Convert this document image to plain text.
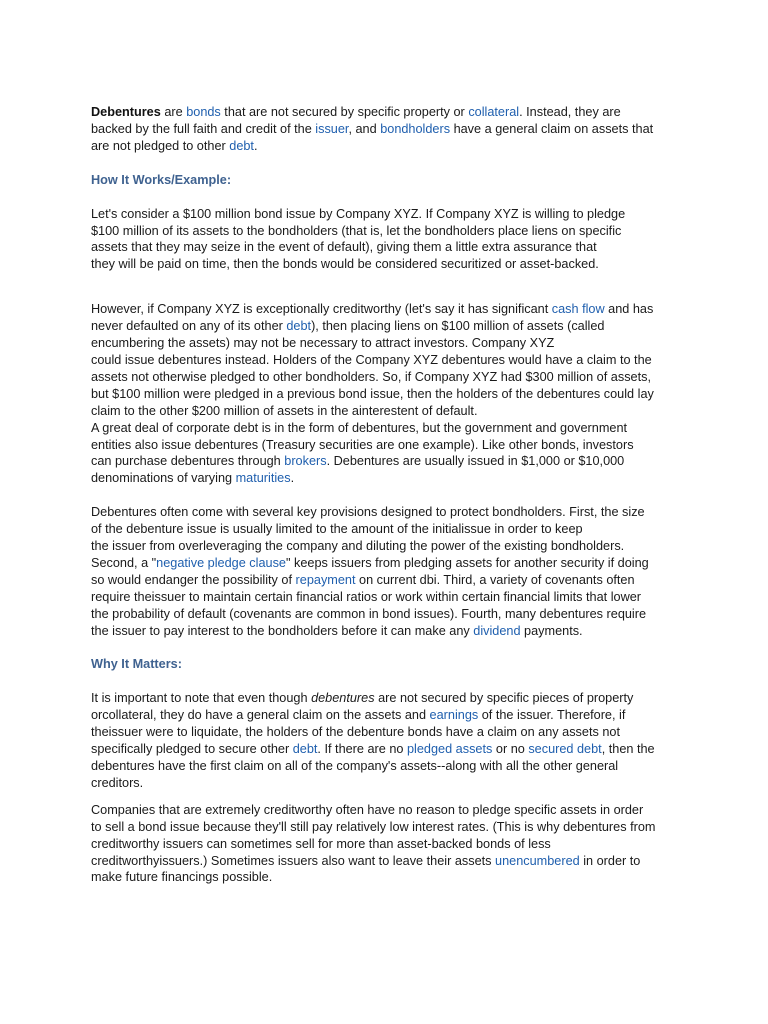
Debentures are bonds that are not secured by specific property or collateral. Instead, they are
backed by the full faith and credit of the issuer, and bondholders have a general claim on assets that
are not pledged to other debt.

How It Works/Example:

Let's consider a $100 million bond issue by Company XYZ. If Company XYZ is willing to pledge
$100 million of its assets to the bondholders (that is, let the bondholders place liens on specific
assets that they may seize in the event of default), giving them a little extra assurance that
they will be paid on time, then the bonds would be considered securitized or asset-backed.

However, if Company XYZ is exceptionally creditworthy (let's say it has significant cash flow and has
never defaulted on any of its other debt), then placing liens on $100 million of assets (called
encumbering the assets) may not be necessary to attract investors. Company XYZ
could issue debentures instead. Holders of the Company XYZ debentures would have a claim to the
assets not otherwise pledged to other bondholders. So, if Company XYZ had $300 million of assets,
but $100 million were pledged in a previous bond issue, then the holders of the debentures could lay
claim to the other $200 million of assets in the ainterestent of default.
A great deal of corporate debt is in the form of debentures, but the government and government
entities also issue debentures (Treasury securities are one example). Like other bonds, investors
can purchase debentures through brokers. Debentures are usually issued in $1,000 or $10,000
denominations of varying maturities.

Debentures often come with several key provisions designed to protect bondholders. First, the size
of the debenture issue is usually limited to the amount of the initialissue in order to keep
the issuer from overleveraging the company and diluting the power of the existing bondholders.
Second, a "negative pledge clause" keeps issuers from pledging assets for another security if doing
so would endanger the possibility of repayment on current dbi. Third, a variety of covenants often
require theissuer to maintain certain financial ratios or work within certain financial limits that lower
the probability of default (covenants are common in bond issues). Fourth, many debentures require
the issuer to pay interest to the bondholders before it can make any dividend payments.

Why It Matters:

It is important to note that even though debentures are not secured by specific pieces of property
orcollateral, they do have a general claim on the assets and earnings of the issuer. Therefore, if
theissuer were to liquidate, the holders of the debenture bonds have a claim on any assets not
specifically pledged to secure other debt. If there are no pledged assets or no secured debt, then the
debentures have the first claim on all of the company's assets--along with all the other general
creditors.

Companies that are extremely creditworthy often have no reason to pledge specific assets in order
to sell a bond issue because they'll still pay relatively low interest rates. (This is why debentures from
creditworthy issuers can sometimes sell for more than asset-backed bonds of less
creditworthyissuers.) Sometimes issuers also want to leave their assets unencumbered in order to
make future financings possible.
